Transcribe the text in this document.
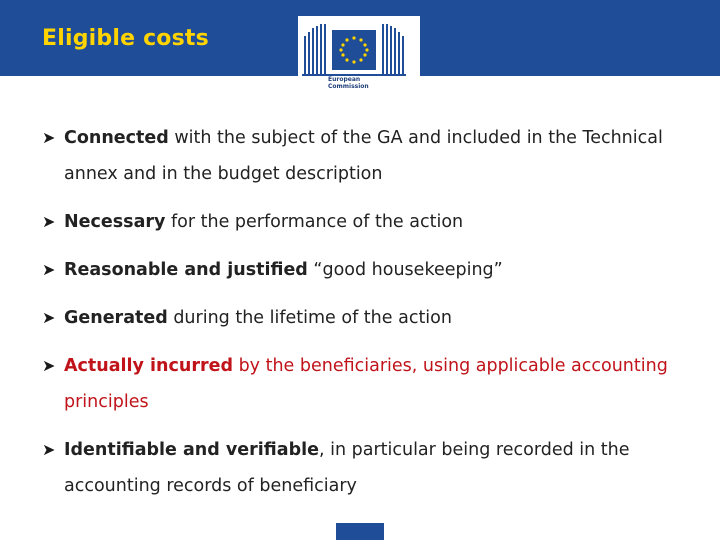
Eligible costs
European
Commission
➤ Connected with the subject of the GA and included in the Technical annex and in the budget description
➤ Necessary for the performance of the action
➤ Reasonable and justified “good housekeeping”
➤ Generated during the lifetime of the action
➤ Actually incurred by the beneficiaries, using applicable accounting principles
➤ Identifiable and verifiable, in particular being recorded in the accounting records of beneficiary
